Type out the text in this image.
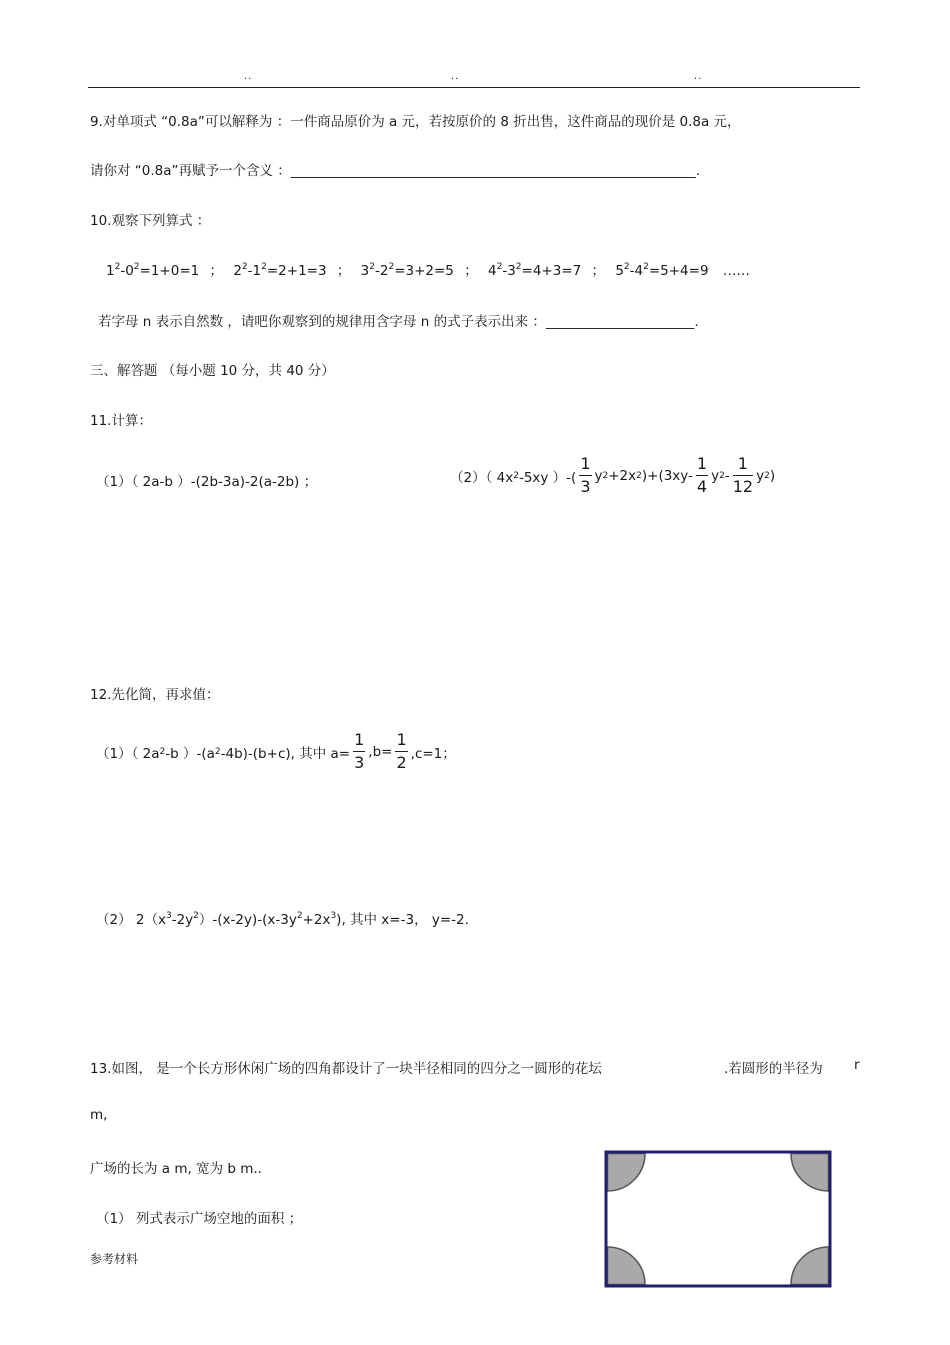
..	..	..
9.对单项式 “0.8a”可以解释为 ：一件商品原价为 a 元，若按原价的 8 折出售，这件商品的现价是 0.8a 元，
请你对 “0.8a”再赋予一个含义 ：____________________________________________________________.
10.观察下列算式 ：
$1^2-0^2=1+0=1$ ； $2^2-1^2=2+1=3$ ； $3^2-2^2=3+2=5$ ； $4^2-3^2=4+3=7$ ； $5^2-4^2=5+4=9$ ……
若字母 n 表示自然数 ，请吧你观察到的规律用含字母 n 的式子表示出来 ：______________________.
三、解答题 （每小题 10 分，共 40 分）
11.计算：
（1）（ 2a-b ）-(2b-3a)-2(a-2b) ；	（2）（ 4x 2 -5xy ）-( $\frac{1}{3}$ y 2 +2x 2 )$+(3xy- \frac{1}{4}$ y $2 - \frac{1}{12}$ y 2 )
12.先化简，再求值：
（1）（ 2a 2 -b ）-(a 2 -4b)-(b+c), 其中 $a= \frac{1}{3} ,b= \frac{1}{2} ,c=1$；
（2） $2(x^3-2y^2)-(x-2y)-(x-3y^2+2x^3)$, 其中 x=-3， y=-2.
13.如图， 是一个长方形休闲广场的四角都设计了一块半径相同的四分之一圆形的花坛	.若圆形的半径为 r
m,
广场的长为 a m, 宽为 b m..
（1） 列式表示广场空地的面积 ；
参考材料
